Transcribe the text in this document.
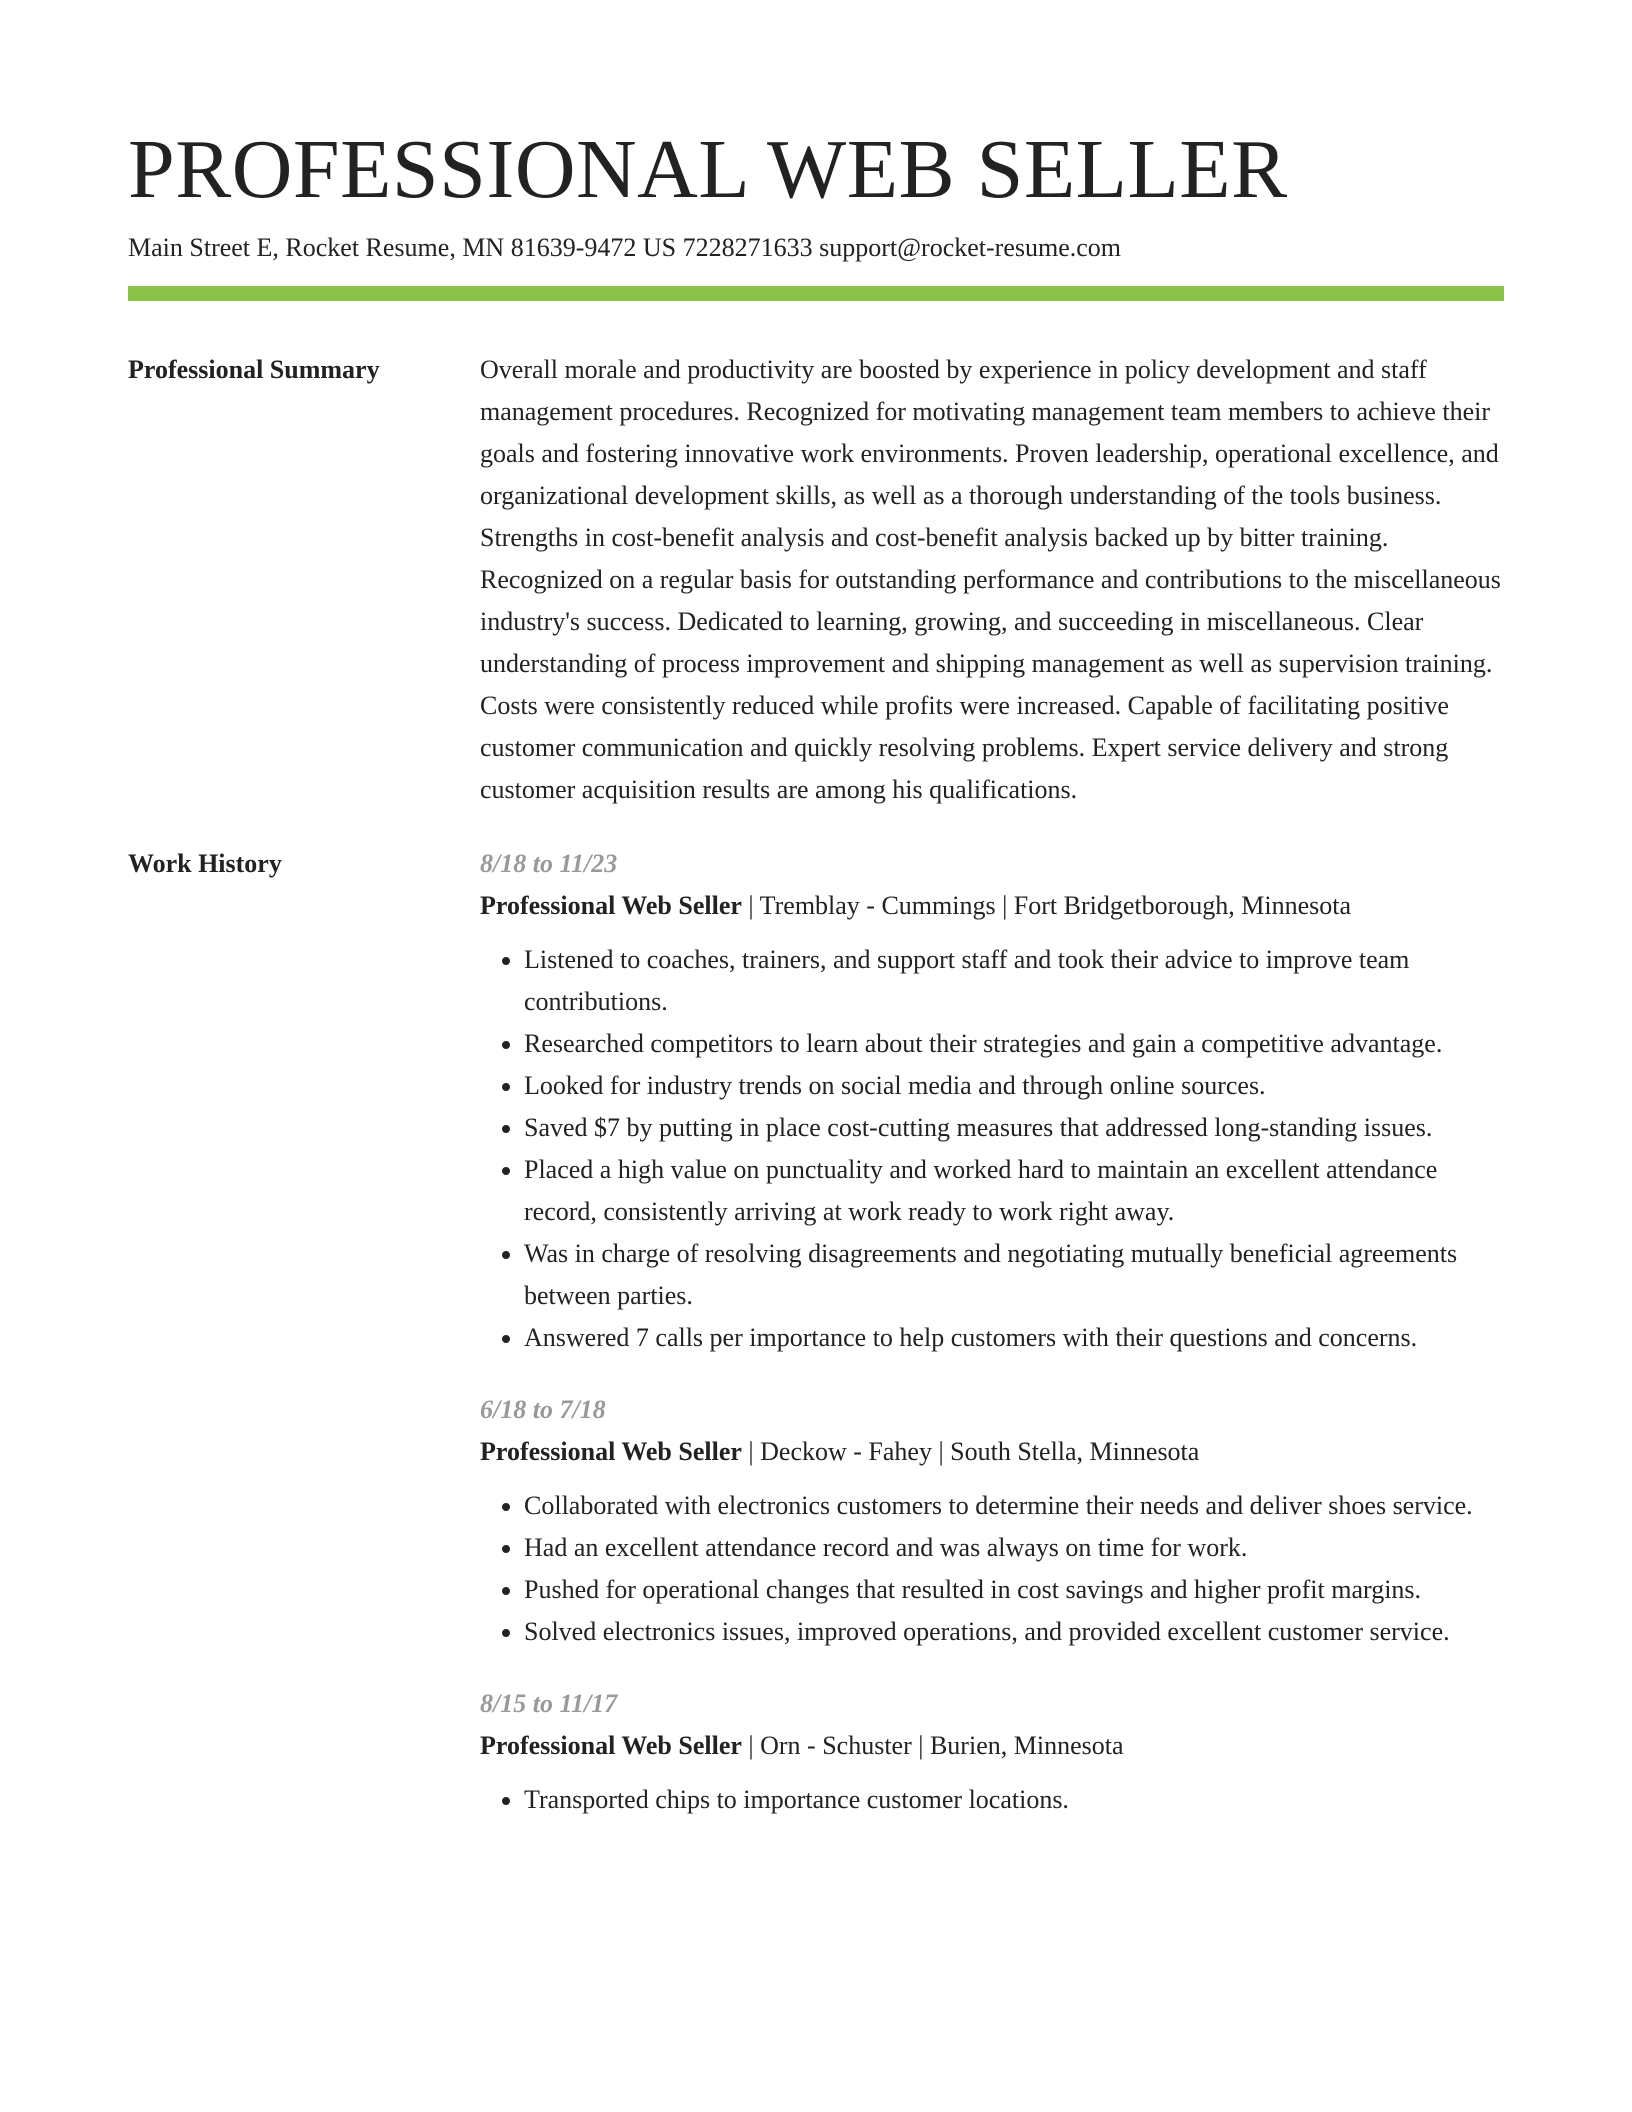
PROFESSIONAL WEB SELLER
Main Street E, Rocket Resume, MN 81639-9472 US 7228271633 support@rocket-resume.com
Professional Summary	Overall morale and productivity are boosted by experience in policy development and staff management procedures. Recognized for motivating management team members to achieve their goals and fostering innovative work environments. Proven leadership, operational excellence, and organizational development skills, as well as a thorough understanding of the tools business. Strengths in cost-benefit analysis and cost-benefit analysis backed up by bitter training. Recognized on a regular basis for outstanding performance and contributions to the miscellaneous industry's success. Dedicated to learning, growing, and succeeding in miscellaneous. Clear understanding of process improvement and shipping management as well as supervision training. Costs were consistently reduced while profits were increased. Capable of facilitating positive customer communication and quickly resolving problems. Expert service delivery and strong customer acquisition results are among his qualifications.

Work History	8/18 to 11/23
Professional Web Seller | Tremblay - Cummings | Fort Bridgetborough, Minnesota
• Listened to coaches, trainers, and support staff and took their advice to improve team contributions.
• Researched competitors to learn about their strategies and gain a competitive advantage.
• Looked for industry trends on social media and through online sources.
• Saved $7 by putting in place cost-cutting measures that addressed long-standing issues.
• Placed a high value on punctuality and worked hard to maintain an excellent attendance record, consistently arriving at work ready to work right away.
• Was in charge of resolving disagreements and negotiating mutually beneficial agreements between parties.
• Answered 7 calls per importance to help customers with their questions and concerns.
6/18 to 7/18
Professional Web Seller | Deckow - Fahey | South Stella, Minnesota
• Collaborated with electronics customers to determine their needs and deliver shoes service.
• Had an excellent attendance record and was always on time for work.
• Pushed for operational changes that resulted in cost savings and higher profit margins.
• Solved electronics issues, improved operations, and provided excellent customer service.
8/15 to 11/17
Professional Web Seller | Orn - Schuster | Burien, Minnesota
• Transported chips to importance customer locations.
